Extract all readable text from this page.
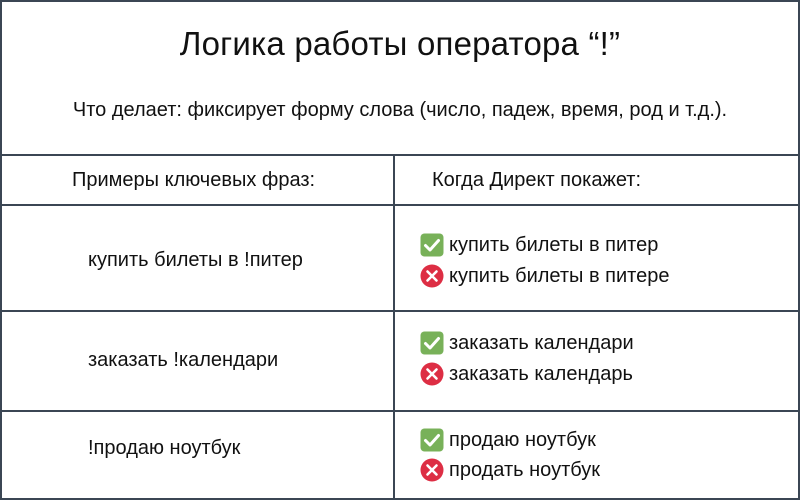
Логика работы оператора “!”
Что делает: фиксирует форму слова (число, падеж, время, род и т.д.).
Примеры ключевых фраз:	Когда Директ покажет:
купить билеты в !питер
купить билеты в питер
купить билеты в питере
заказать !календари
заказать календари
заказать календарь
!продаю ноутбук	продаю ноутбук
продать ноутбук
